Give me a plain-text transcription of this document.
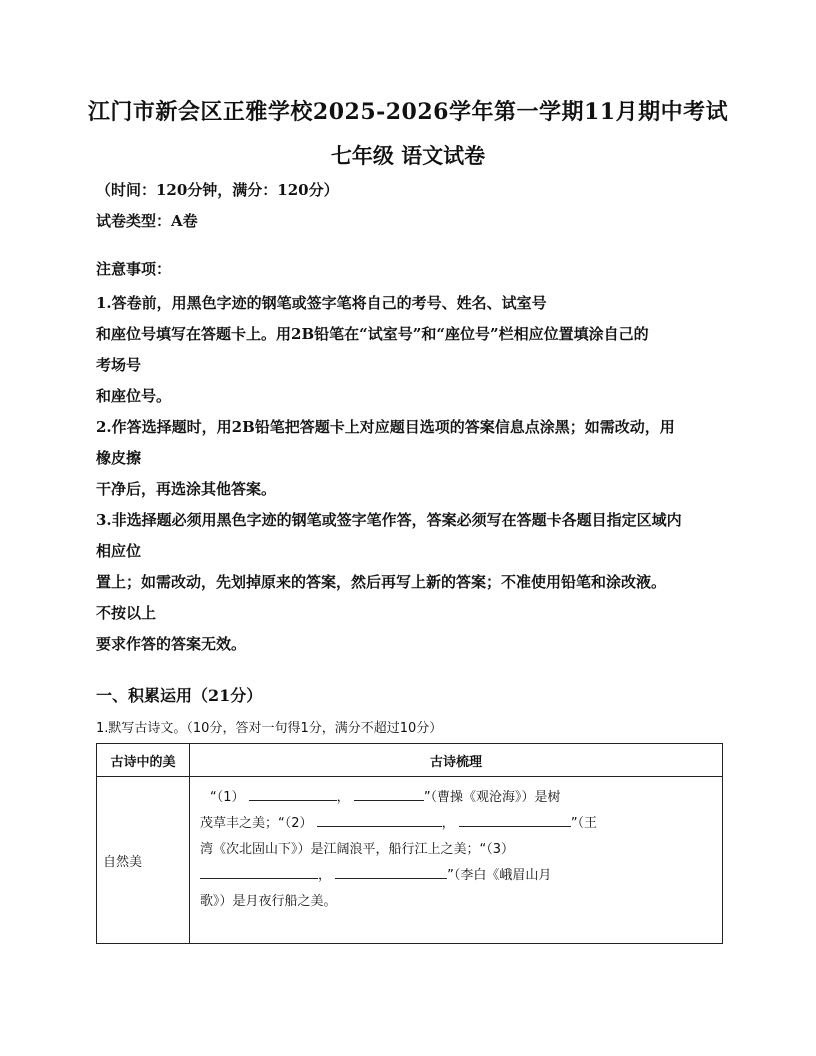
江门市新会区正雅学校2025-2026学年第一学期11月期中考试
七年级 语文试卷
（时间：120分钟，满分：120分）
试卷类型：A卷
注意事项：
1.答卷前，用黑色字迹的钢笔或签字笔将自己的考号、姓名、试室号
和座位号填写在答题卡上。用2B铅笔在“试室号”和“座位号”栏相应位置填涂自己的
考场号
和座位号。
2.作答选择题时，用2B铅笔把答题卡上对应题目选项的答案信息点涂黑；如需改动，用
橡皮擦
干净后，再选涂其他答案。
3.非选择题必须用黑色字迹的钢笔或签字笔作答，答案必须写在答题卡各题目指定区域内
相应位
置上；如需改动，先划掉原来的答案，然后再写上新的答案；不准使用铅笔和涂改液。
不按以上
要求作答的答案无效。
一、积累运用（21分）
1.默写古诗文。（10分，答对一句得1分，满分不超过10分）
古诗中的美	古诗梳理
自然美	“（1） ， ”（曹操《观沧海》）是树
茂草丰之美；“（2） ， ”（王
湾《次北固山下》）是江阔浪平，船行江上之美；“（3）
， ”（李白《峨眉山月
歌》）是月夜行船之美。
